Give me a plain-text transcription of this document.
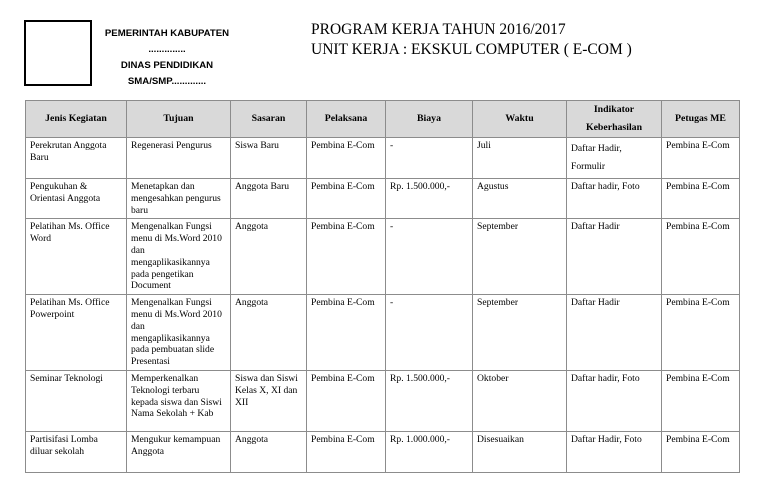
PEMERINTAH KABUPATEN
..............
DINAS PENDIDIKAN
SMA/SMP.............
PROGRAM KERJA TAHUN 2016/2017
UNIT KERJA : EKSKUL COMPUTER ( E-COM )
Jenis Kegiatan	Tujuan	Sasaran	Pelaksana	Biaya	Waktu	Indikator Keberhasilan	Petugas ME
Perekrutan Anggota Baru	Regenerasi Pengurus	Siswa Baru	Pembina E-Com	-	Juli	Daftar Hadir, Formulir	Pembina E-Com
Pengukuhan & Orientasi Anggota	Menetapkan dan mengesahkan pengurus baru	Anggota Baru	Pembina E-Com	Rp. 1.500.000,-	Agustus	Daftar hadir, Foto	Pembina E-Com
Pelatihan Ms. Office Word	Mengenalkan Fungsi menu di Ms.Word 2010 dan mengaplikasikannya pada pengetikan Document	Anggota	Pembina E-Com	-	September	Daftar Hadir	Pembina E-Com
Pelatihan Ms. Office Powerpoint	Mengenalkan Fungsi menu di Ms.Word 2010 dan mengaplikasikannya pada pembuatan slide Presentasi	Anggota	Pembina E-Com	-	September	Daftar Hadir	Pembina E-Com
Seminar Teknologi	Memperkenalkan Teknologi terbaru kepada siswa dan Siswi Nama Sekolah + Kab	Siswa dan Siswi Kelas X, XI dan XII	Pembina E-Com	Rp. 1.500.000,-	Oktober	Daftar hadir, Foto	Pembina E-Com
Partisifasi Lomba diluar sekolah	Mengukur kemampuan Anggota	Anggota	Pembina E-Com	Rp. 1.000.000,-	Disesuaikan	Daftar Hadir, Foto	Pembina E-Com
